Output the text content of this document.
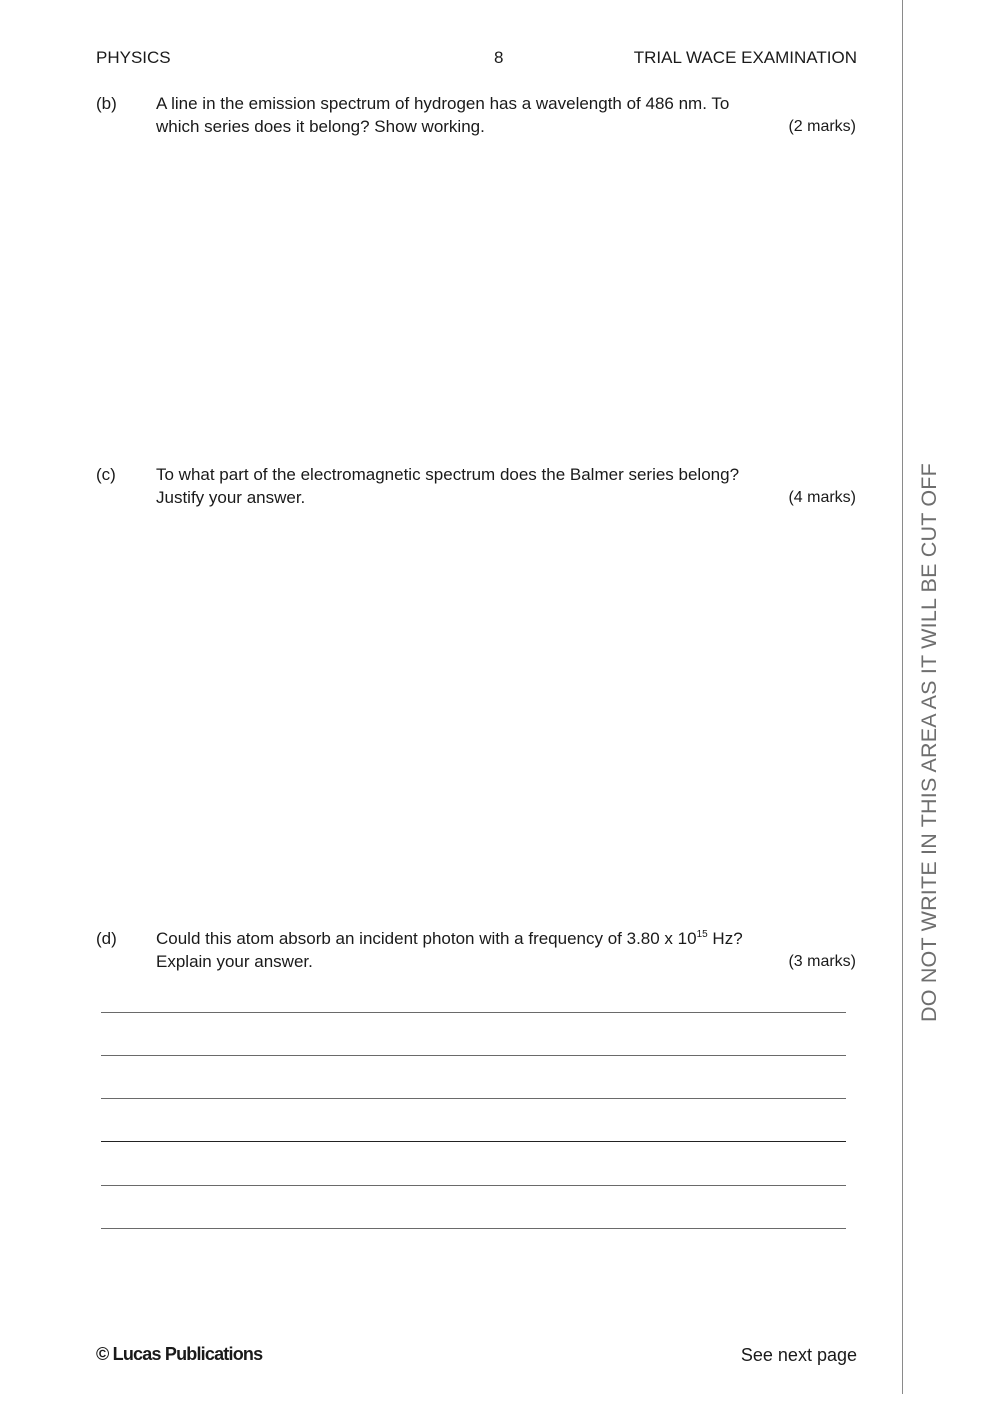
PHYSICS	8	TRIAL WACE EXAMINATION
(b) A line in the emission spectrum of hydrogen has a wavelength of 486 nm. To
which series does it belong? Show working.	(2 marks)
(c) To what part of the electromagnetic spectrum does the Balmer series belong?
Justify your answer.	(4 marks)
(d) Could this atom absorb an incident photon with a frequency of 3.80 x $10^{15}$ Hz?
Explain your answer.	(3 marks)	DO NOT WRITE IN THIS AREA AS IT WILL BE CUT OFF
© Lucas Publications	See next page
